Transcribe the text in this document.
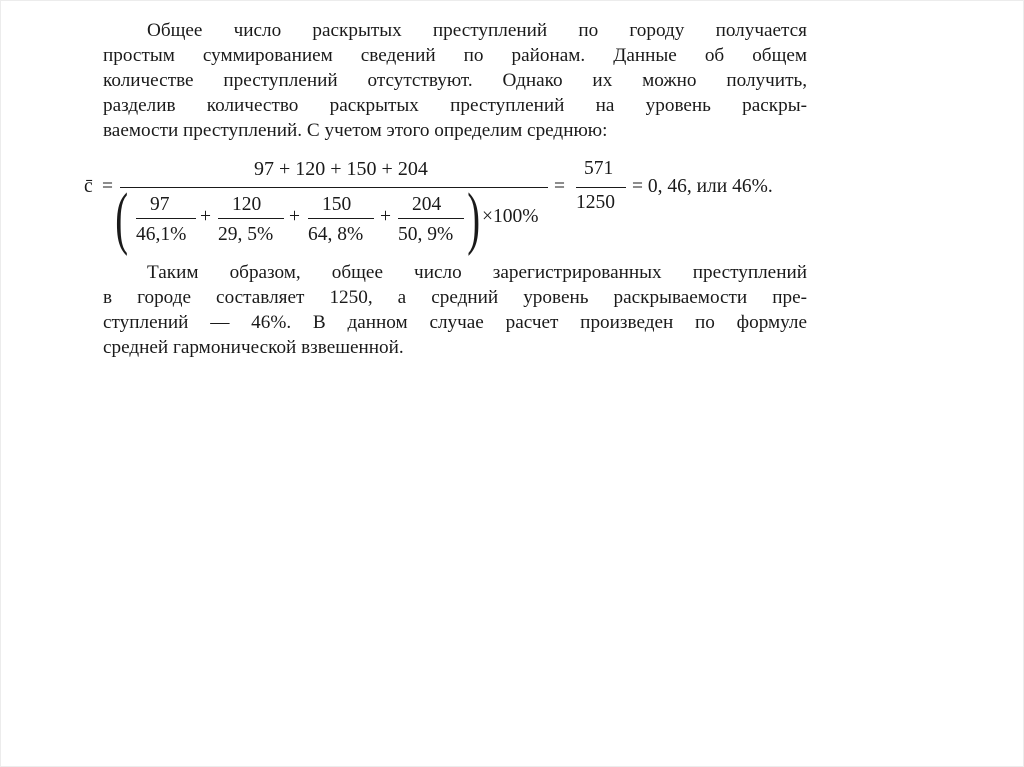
Общее число раскрытых преступлений по городу получается
простым суммированием сведений по районам. Данные об общем
количестве преступлений отсутствуют. Однако их можно получить,
разделив количество раскрытых преступлений на уровень раскры-
ваемости преступлений. С учетом этого определим среднюю:
c̄ =
97 + 120 + 150 + 204
( 97
46,1%
+
120
29, 5%
+
150
64, 8%
+
204
50, 9% ) ×100%
=
571
1250
= 0, 46, или 46%.
Таким образом, общее число зарегистрированных преступлений
в городе составляет 1250, а средний уровень раскрываемости пре-
ступлений — 46%. В данном случае расчет произведен по формуле
средней гармонической взвешенной.
